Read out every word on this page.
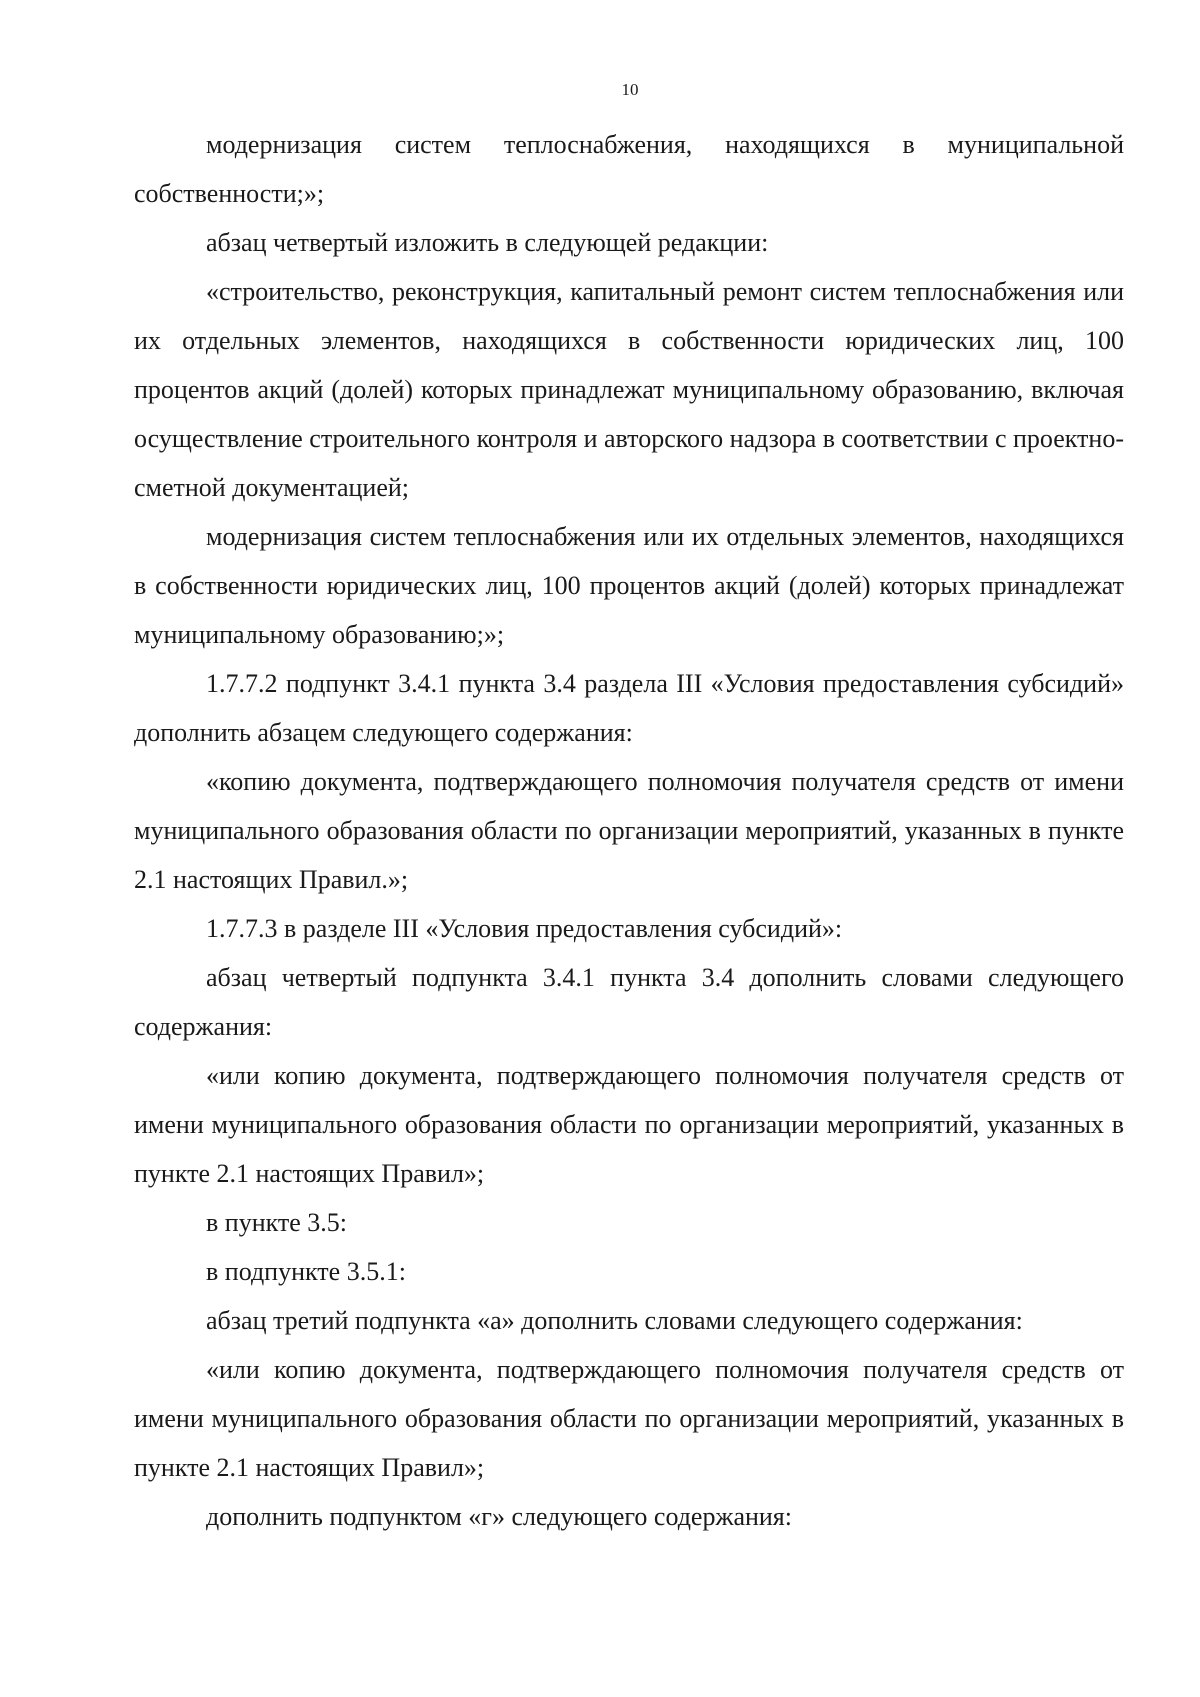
10

модернизация систем теплоснабжения, находящихся в муниципальной собственности;»;

абзац четвертый изложить в следующей редакции:

«строительство, реконструкция, капитальный ремонт систем теплоснабжения или их отдельных элементов, находящихся в собственности юридических лиц, 100 процентов акций (долей) которых принадлежат муниципальному образованию, включая осуществление строительного контроля и авторского надзора в соответствии с проектно-сметной документацией;

модернизация систем теплоснабжения или их отдельных элементов, находящихся в собственности юридических лиц, 100 процентов акций (долей) которых принадлежат муниципальному образованию;»;

1.7.7.2 подпункт 3.4.1 пункта 3.4 раздела III «Условия предоставления субсидий» дополнить абзацем следующего содержания:

«копию документа, подтверждающего полномочия получателя средств от имени муниципального образования области по организации мероприятий, указанных в пункте 2.1 настоящих Правил.»;

1.7.7.3 в разделе III «Условия предоставления субсидий»:

абзац четвертый подпункта 3.4.1 пункта 3.4 дополнить словами следующего содержания:

«или копию документа, подтверждающего полномочия получателя средств от имени муниципального образования области по организации мероприятий, указанных в пункте 2.1 настоящих Правил»;

в пункте 3.5:

в подпункте 3.5.1:

абзац третий подпункта «а» дополнить словами следующего содержания:

«или копию документа, подтверждающего полномочия получателя средств от имени муниципального образования области по организации мероприятий, указанных в пункте 2.1 настоящих Правил»;

дополнить подпунктом «г» следующего содержания:
